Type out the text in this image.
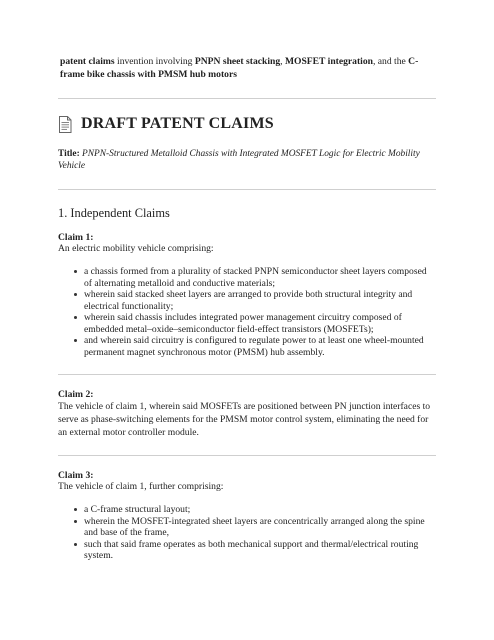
patent claims invention involving PNPN sheet stacking, MOSFET integration, and the C-frame bike chassis with PMSM hub motors
DRAFT PATENT CLAIMS
Title: PNPN-Structured Metalloid Chassis with Integrated MOSFET Logic for Electric Mobility Vehicle
1. Independent Claims
Claim 1:
An electric mobility vehicle comprising:
a chassis formed from a plurality of stacked PNPN semiconductor sheet layers composed of alternating metalloid and conductive materials;
wherein said stacked sheet layers are arranged to provide both structural integrity and electrical functionality;
wherein said chassis includes integrated power management circuitry composed of embedded metal–oxide–semiconductor field-effect transistors (MOSFETs);
and wherein said circuitry is configured to regulate power to at least one wheel-mounted permanent magnet synchronous motor (PMSM) hub assembly.
Claim 2:
The vehicle of claim 1, wherein said MOSFETs are positioned between PN junction interfaces to serve as phase-switching elements for the PMSM motor control system, eliminating the need for an external motor controller module.
Claim 3:
The vehicle of claim 1, further comprising:
a C-frame structural layout;
wherein the MOSFET-integrated sheet layers are concentrically arranged along the spine and base of the frame,
such that said frame operates as both mechanical support and thermal/electrical routing system.
